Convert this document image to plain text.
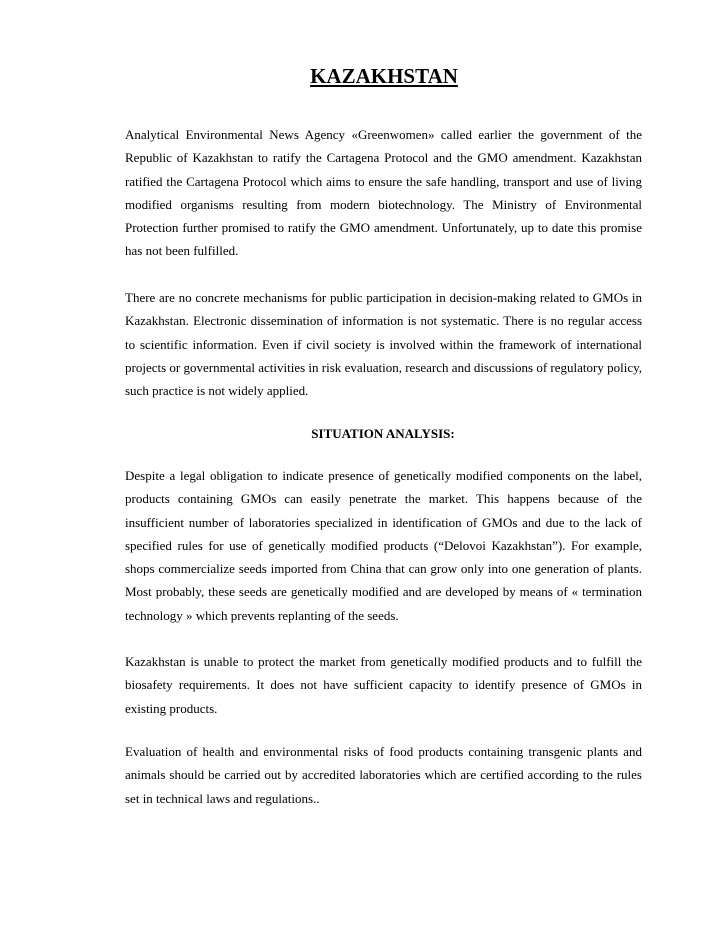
KAZAKHSTAN

Analytical Environmental News Agency «Greenwomen» called earlier the government of the Republic of Kazakhstan to ratify the Cartagena Protocol and the GMO amendment. Kazakhstan ratified the Cartagena Protocol which aims to ensure the safe handling, transport and use of living modified organisms resulting from modern biotechnology. The Ministry of Environmental Protection further promised to ratify the GMO amendment. Unfortunately, up to date this promise has not been fulfilled.

There are no concrete mechanisms for public participation in decision-making related to GMOs in Kazakhstan. Electronic dissemination of information is not systematic. There is no regular access to scientific information. Even if civil society is involved within the framework of international projects or governmental activities in risk evaluation, research and discussions of regulatory policy, such practice is not widely applied.

SITUATION ANALYSIS:

Despite a legal obligation to indicate presence of genetically modified components on the label, products containing GMOs can easily penetrate the market. This happens because of the insufficient number of laboratories specialized in identification of GMOs and due to the lack of specified rules for use of genetically modified products (“Delovoi Kazakhstan”). For example, shops commercialize seeds imported from China that can grow only into one generation of plants. Most probably, these seeds are genetically modified and are developed by means of « termination technology » which prevents replanting of the seeds.

Kazakhstan is unable to protect the market from genetically modified products and to fulfill the biosafety requirements. It does not have sufficient capacity to identify presence of GMOs in existing products.

Evaluation of health and environmental risks of food products containing transgenic plants and animals should be carried out by accredited laboratories which are certified according to the rules set in technical laws and regulations..
